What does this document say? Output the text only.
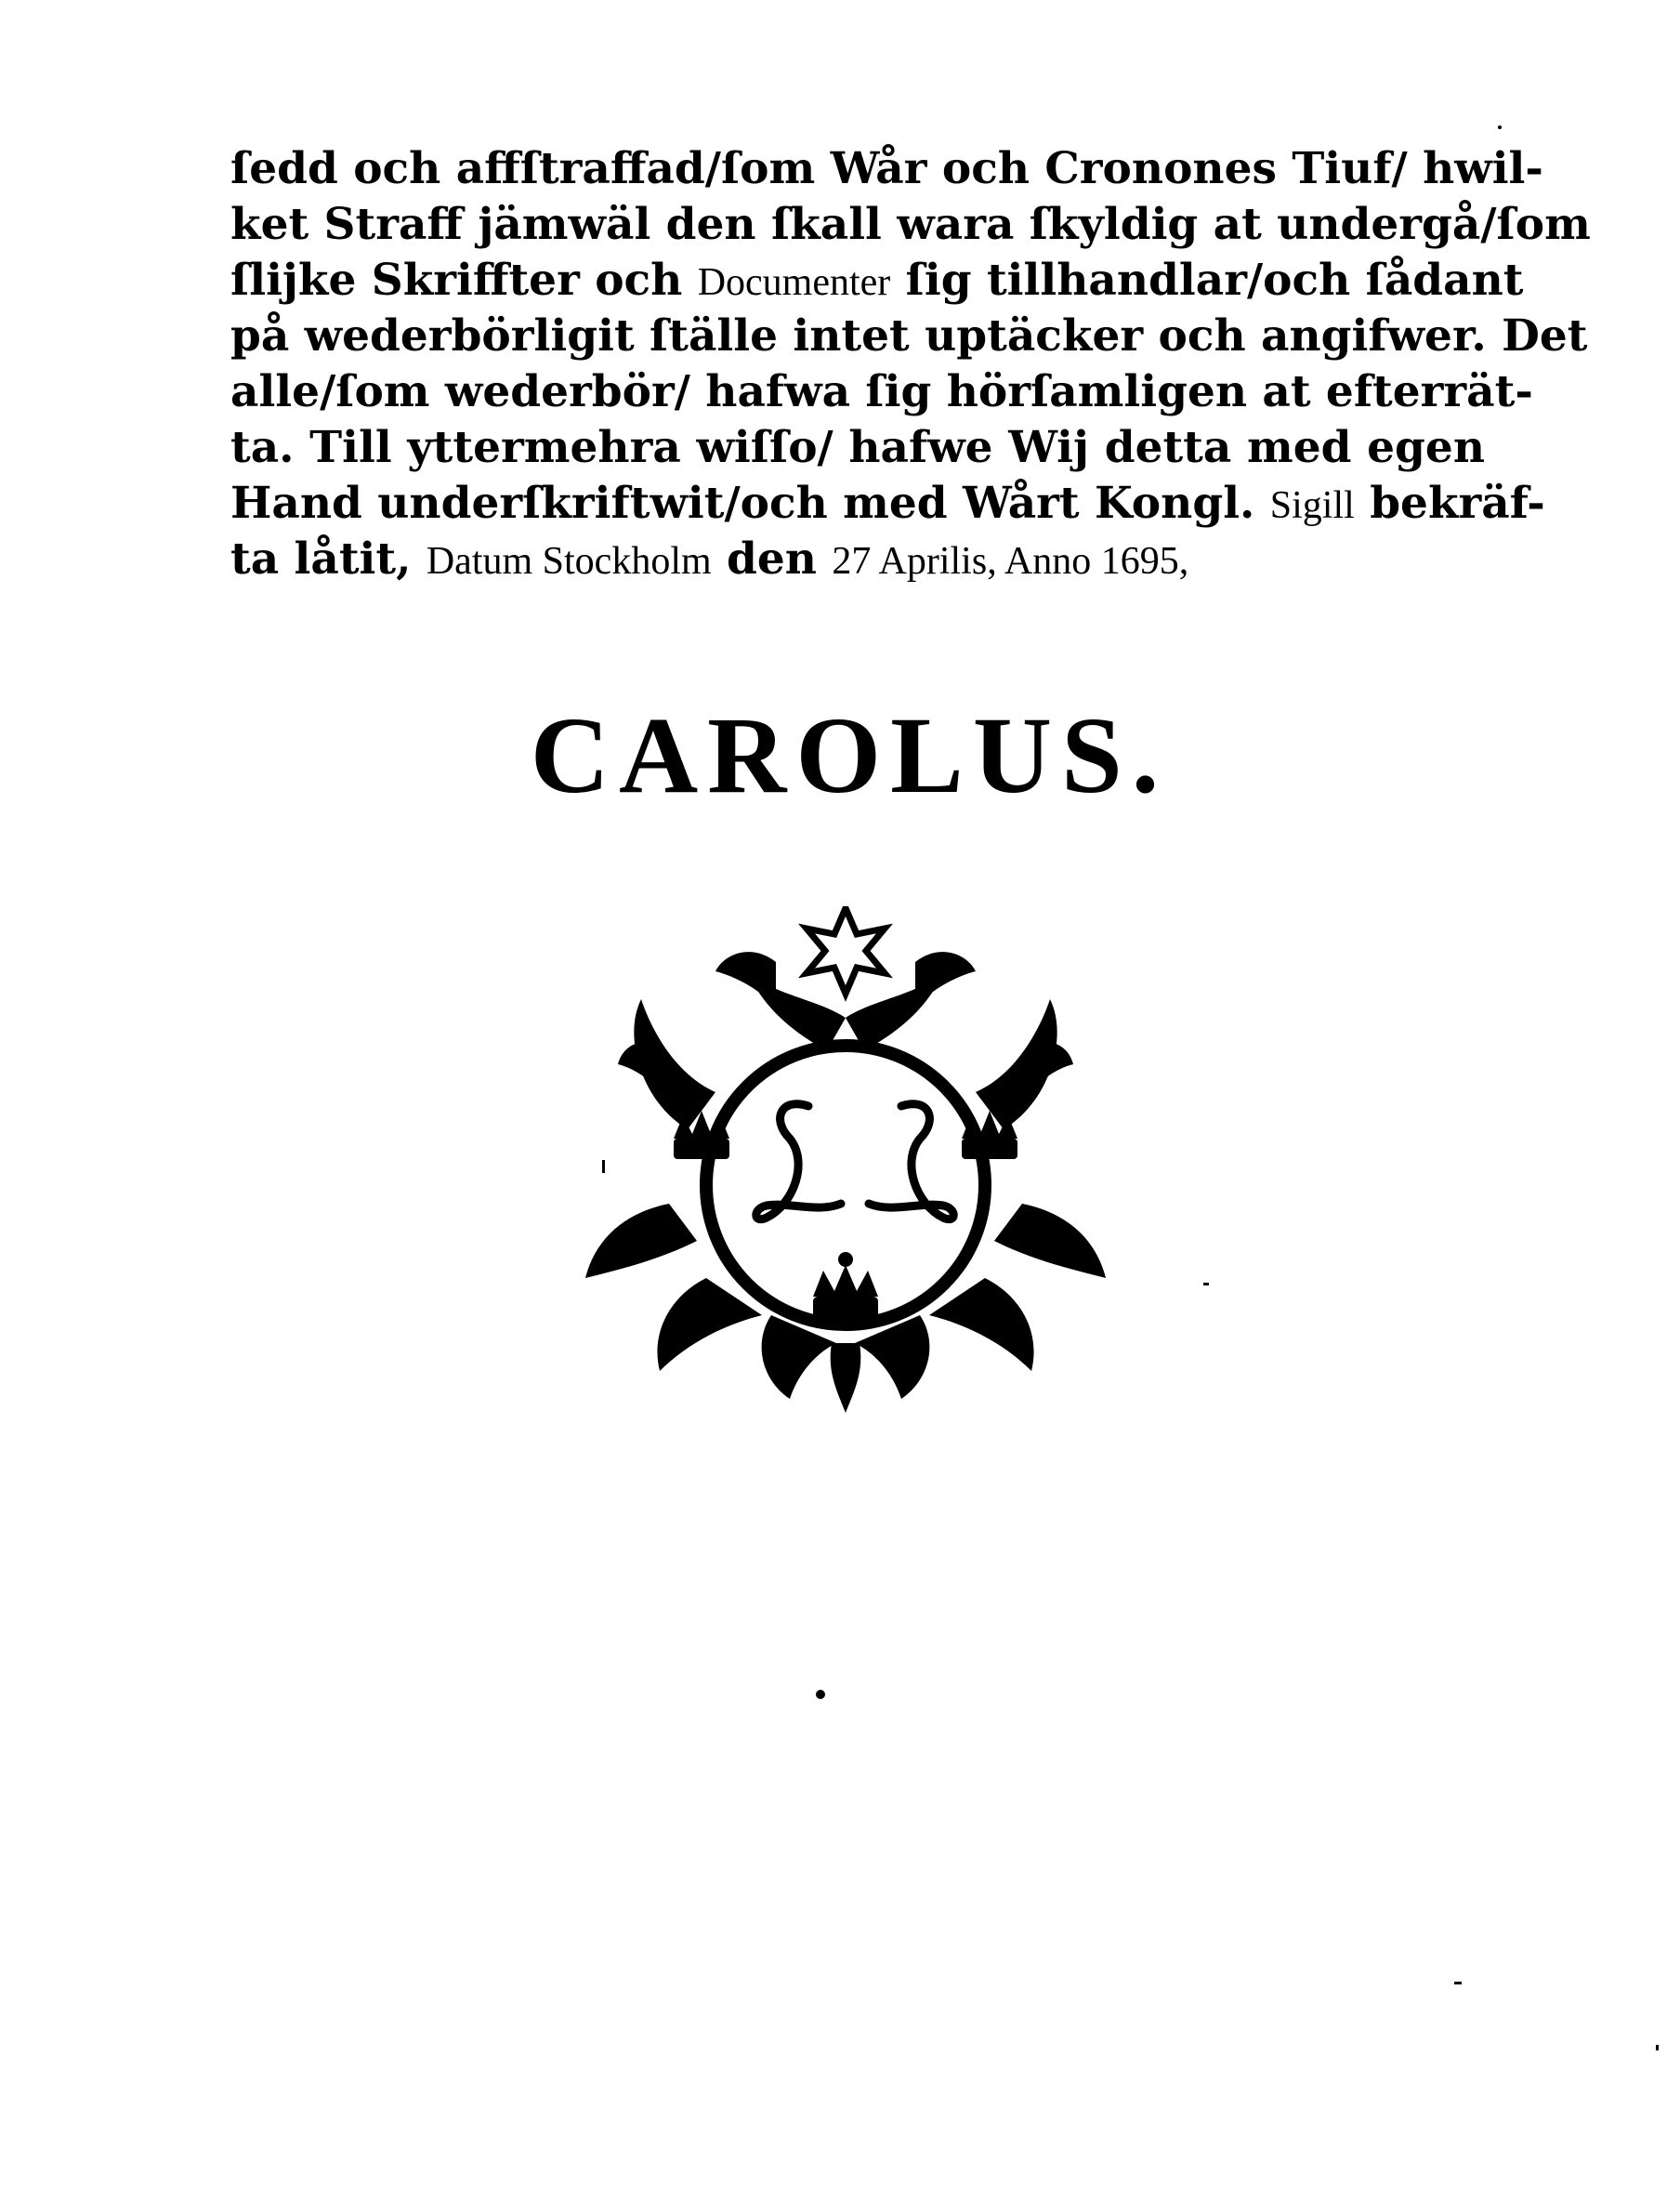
ſedd och affſtraffad/ſom Wår och Cronones Tiuf/ hwil-
ket Straff jämwäl den ſkall wara ſkyldig at undergå/ſom
ſlijke Skriffter och Documenter ſig tillhandlar/och ſådant
på wederbörligit ſtälle intet uptäcker och angifwer. Det
alle/ſom wederbör/ hafwa ſig hörſamligen at efterrät-
ta. Till yttermehra wiſſo/ hafwe Wij detta med egen
Hand underſkriftwit/och med Wårt Kongl. Sigill bekräf-
ta låtit, Datum Stockholm den 27 Aprilis, Anno 1695,
CAROLUS.
